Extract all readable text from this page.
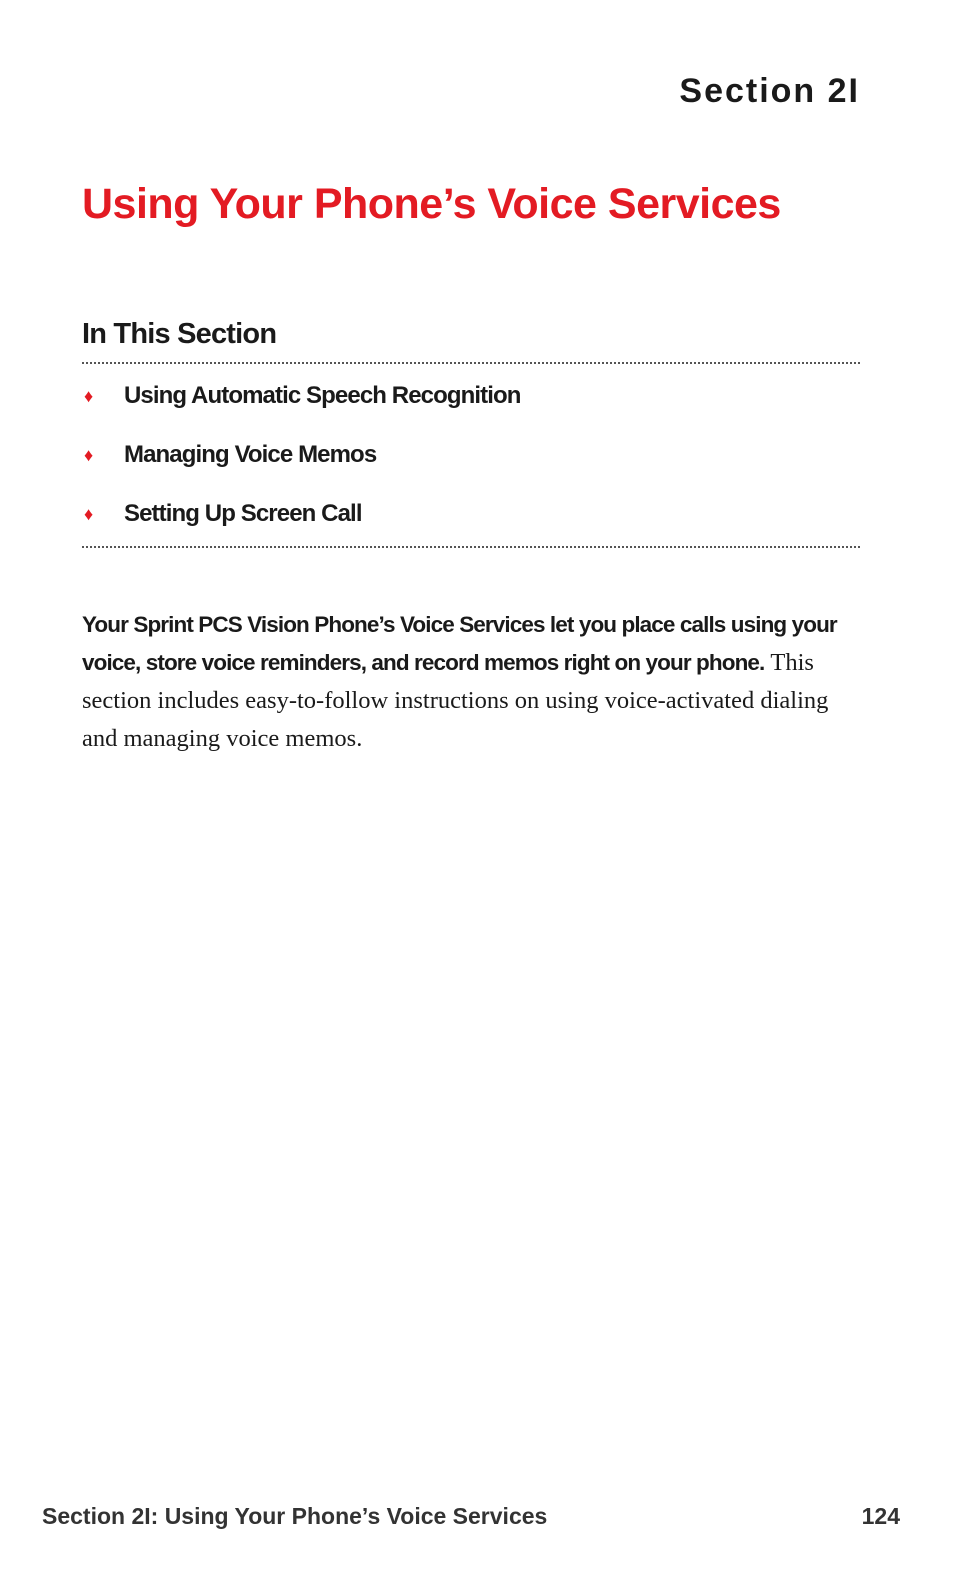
Section 2I

Using Your Phone’s Voice Services
In This Section
♦	Using Automatic Speech Recognition
♦	Managing Voice Memos
♦	Setting Up Screen Call

Your Sprint PCS Vision Phone’s Voice Services let you place calls using your voice, store voice reminders, and record memos right on your phone. This section includes easy-to-follow instructions on using voice-activated dialing and managing voice memos.

Section 2I: Using Your Phone’s Voice Services	124
